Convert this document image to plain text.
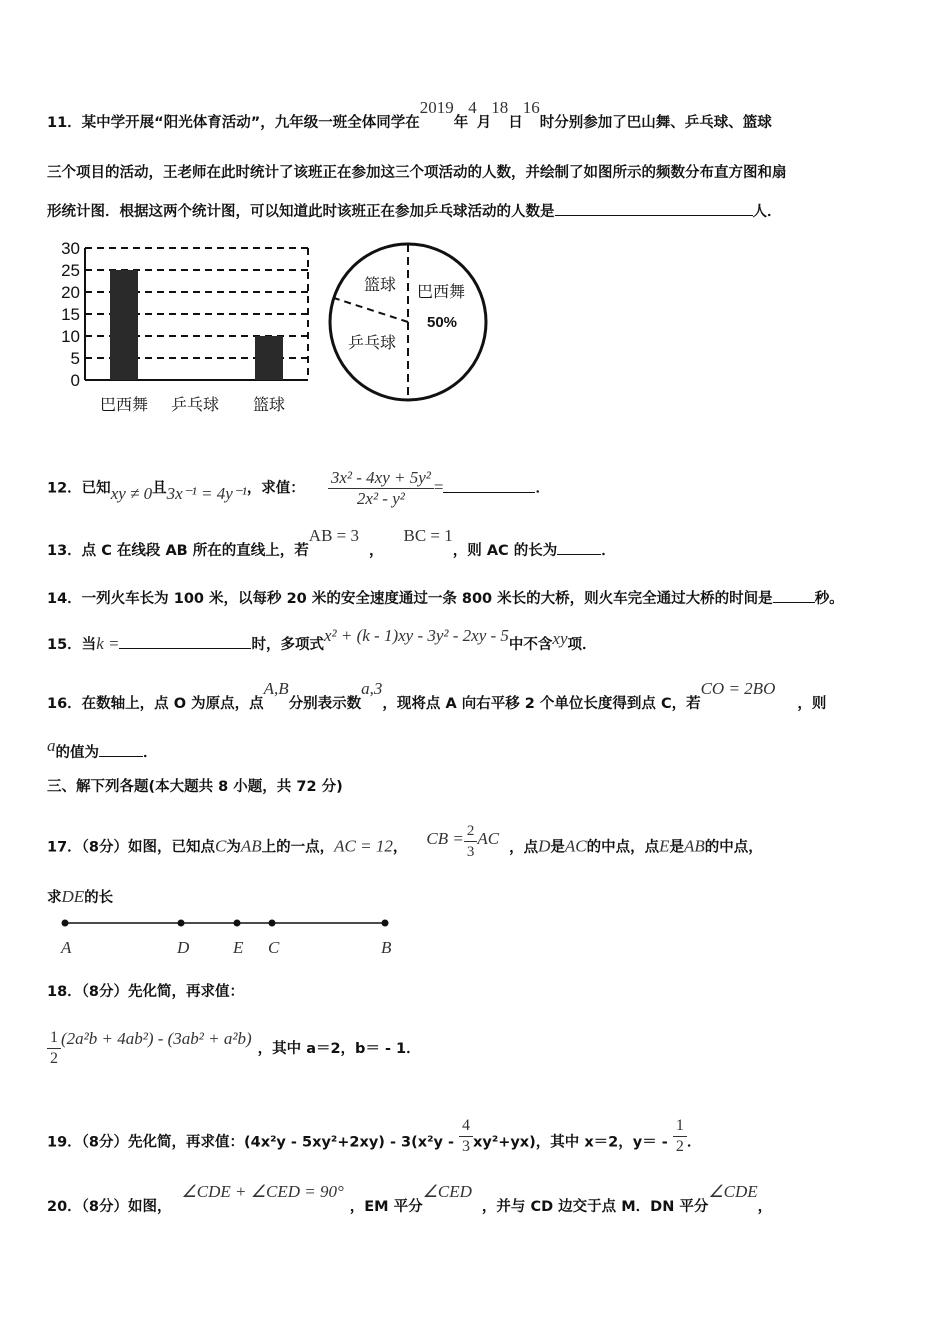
11．某中学开展“阳光体育活动”，九年级一班全体同学在2019年4月18日16时分别参加了巴山舞、乒乓球、篮球
三个项目的活动，王老师在此时统计了该班正在参加这三个项活动的人数，并绘制了如图所示的频数分布直方图和扇
形统计图．根据这两个统计图，可以知道此时该班正在参加乒乓球活动的人数是	人．
0
5
10
15
20
25
30
巴西舞 乒乓球 篮球
巴西舞
篮球
乒乓球
50%
12．已知xy ≠ 0且3x⁻¹ = 4y⁻¹，求值： $\frac{\text{3x² - 4xy + 5y²}}{\text{2x² - y²}}$ =	．
13．点 C 在线段 AB 所在的直线上，若AB = 3，BC = 1，则 AC 的长为	．
14．一列火车长为 100 米，以每秒 20 米的安全速度通过一条 800 米长的大桥，则火车完全通过大桥的时间是	秒。
15．当k =	时，多项式x² + (k - 1)xy - 3y² - 2xy - 5中不含xy项．
16．在数轴上，点 O 为原点，点A,B分别表示数a,3，现将点 A 向右平移 2 个单位长度得到点 C，若CO = 2BO，则
a的值为	．
三、解下列各题(本大题共 8 小题，共 72 分)
17．（8分）如图，已知点C为AB上的一点，AC = 12， CB = $\frac{2}{3}$ AC ，点D是AC的中点，点E是AB的中点，
求DE的长
A	D	E C	B
18．（8分）先化简，再求值：
$\frac{1}{2} (2a^2b + 4ab^2) - (3ab^2 + a^2b)$，其中 a＝2，b＝ - 1．
19．（8分）先化简，再求值：$(4x^2y - 5xy^2+2xy) - 3(x^2y - \frac{4}{3} xy^2+yx)$，其中 x＝2，$y= - \frac{1}{2}$ ．
20．（8分）如图，∠CDE + ∠CED = 90°，EM 平分∠CED，并与 CD 边交于点 M．DN 平分∠CDE，
